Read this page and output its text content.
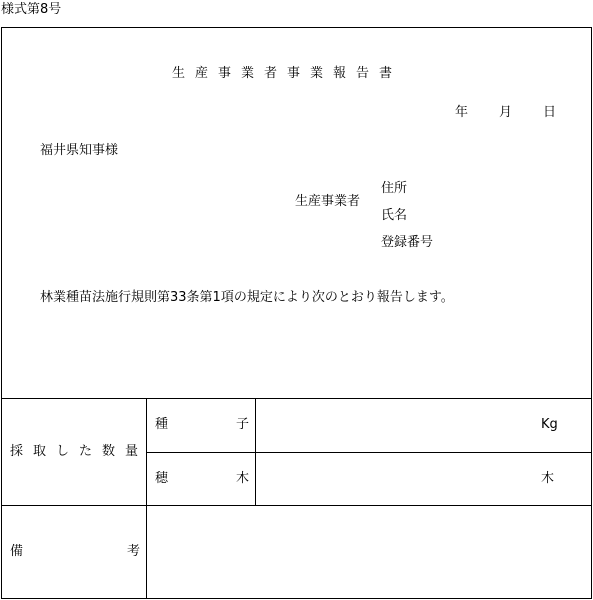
様式第8号
生産事業者事業報告書
年 月 日
福井県知事様
生産事業者
住所
氏名
登録番号
林業種苗法施行規則第33条第1項の規定により次のとおり報告します。
採取した数量
種	子	Kg
穂	木	木
備	考
